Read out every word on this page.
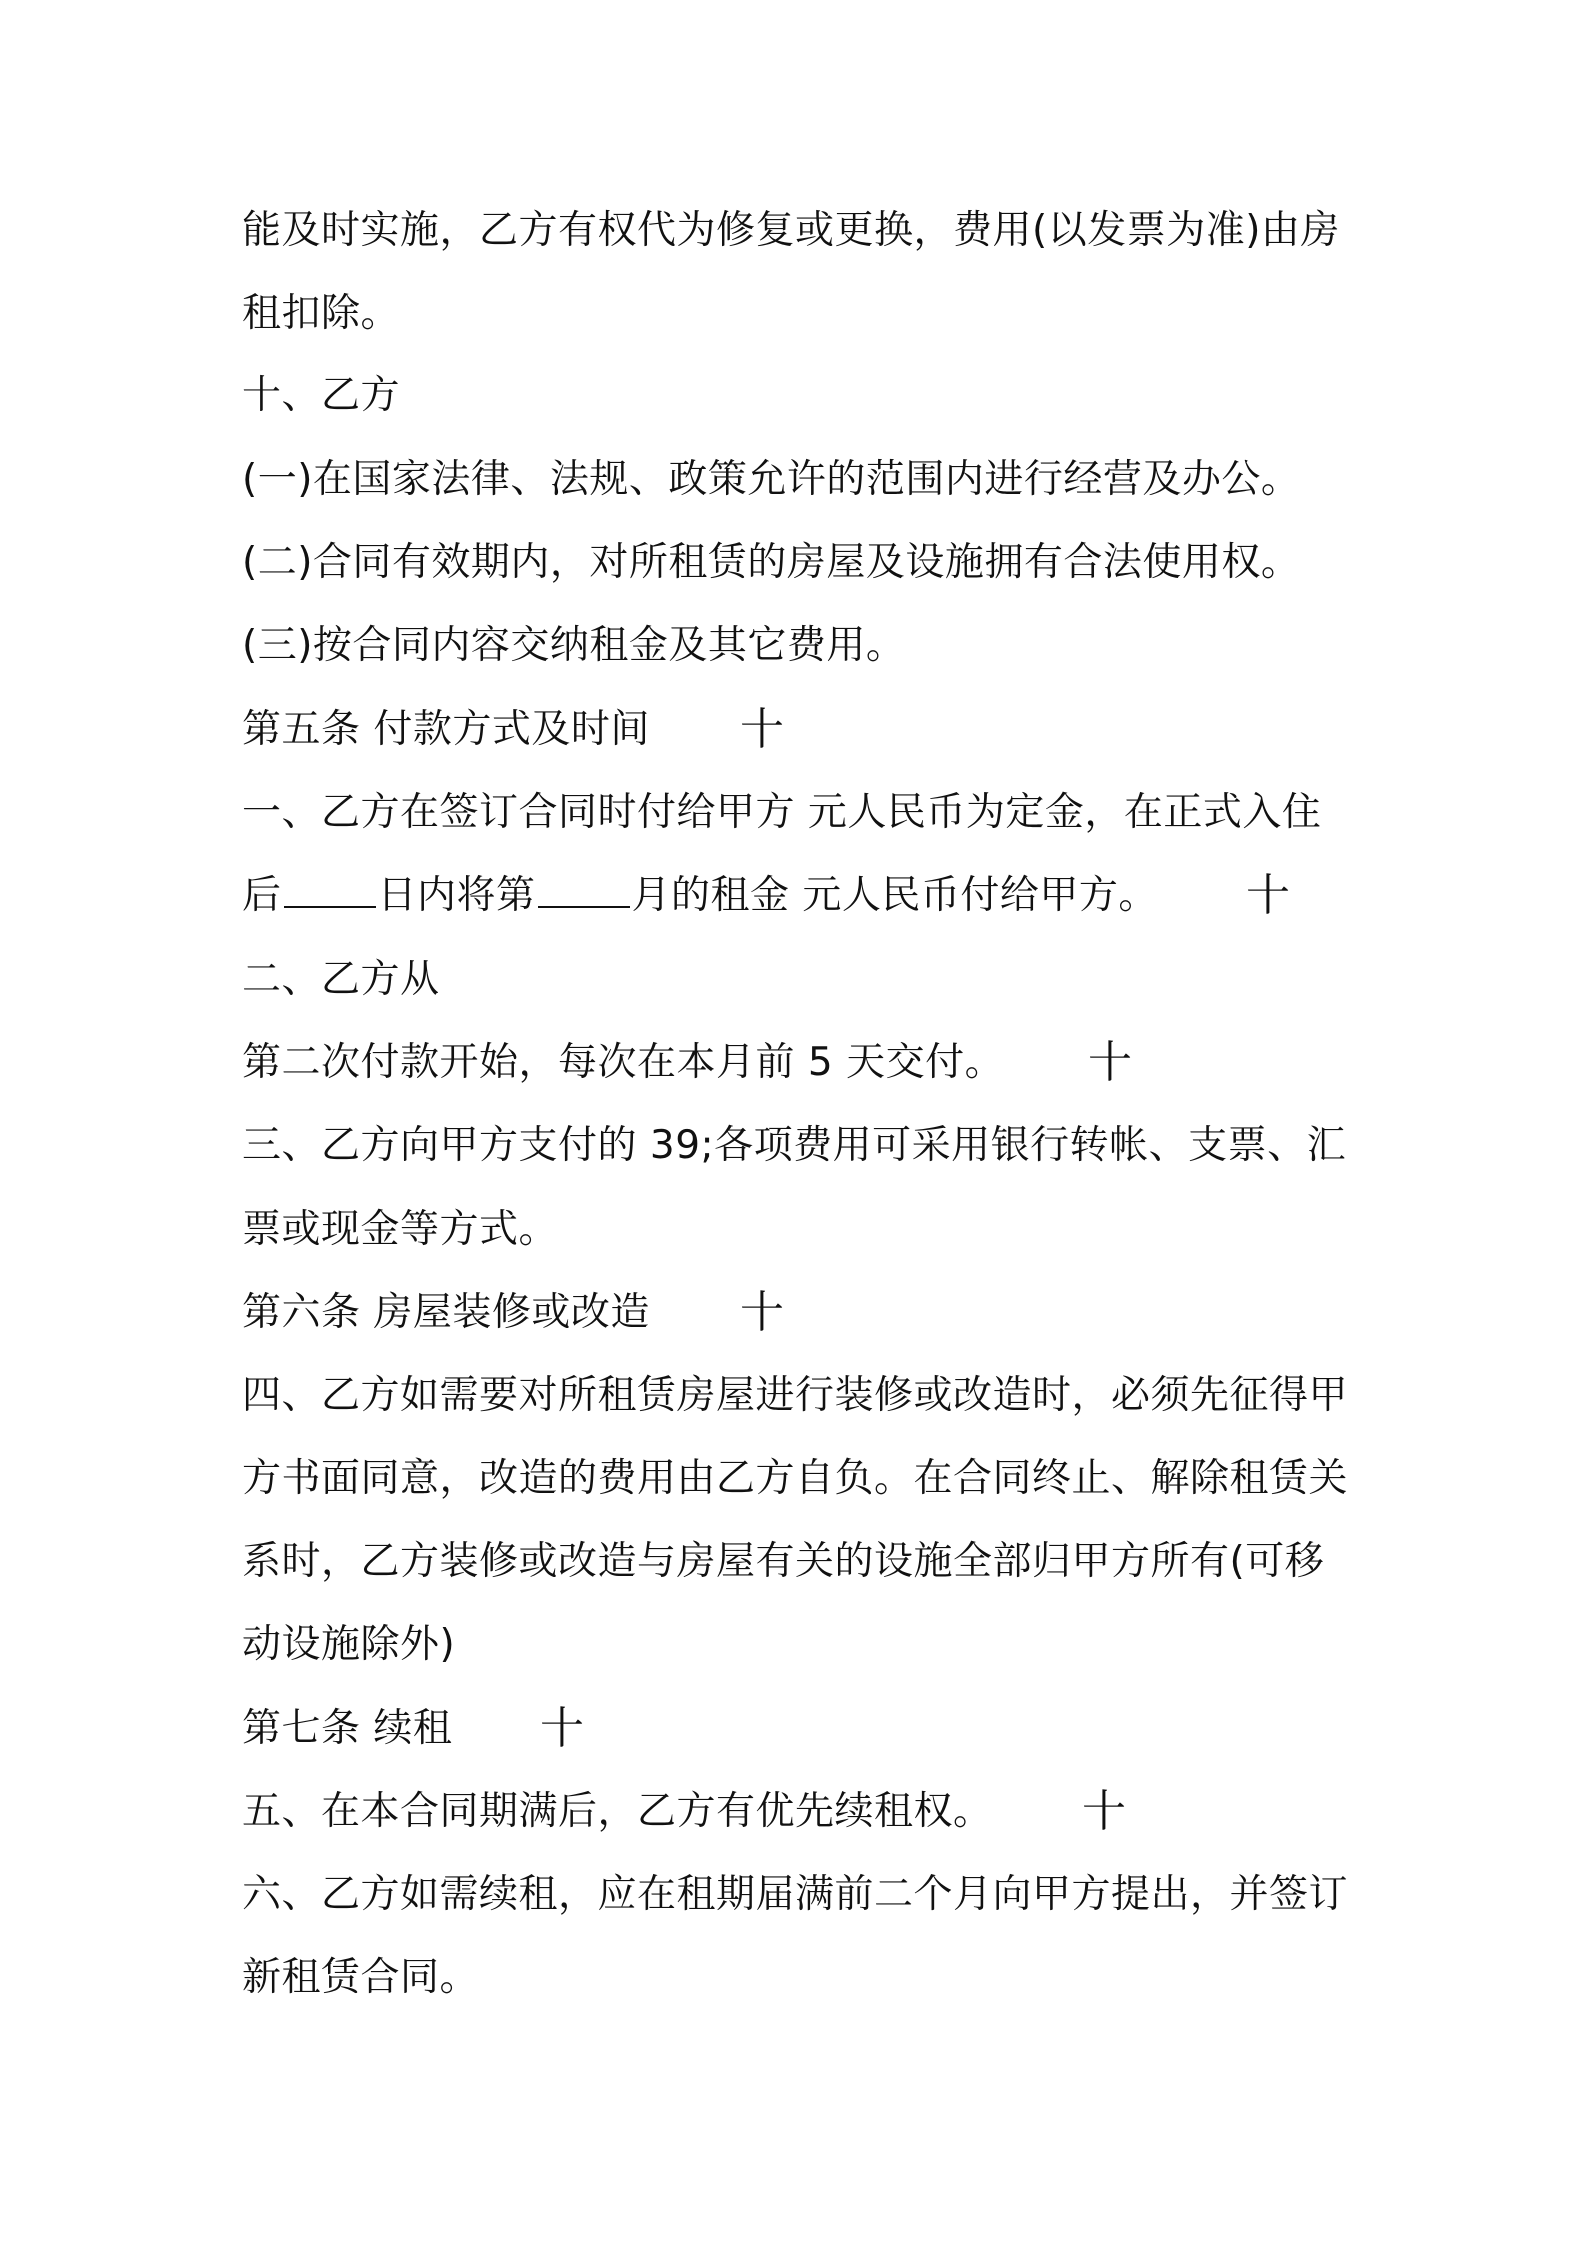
能及时实施，乙方有权代为修复或更换，费用(以发票为准)由房
租扣除。
十、乙方
(一)在国家法律、法规、政策允许的范围内进行经营及办公。
(二)合同有效期内，对所租赁的房屋及设施拥有合法使用权。
(三)按合同内容交纳租金及其它费用。
第五条 付款方式及时间	十
一、乙方在签订合同时付给甲方 元人民币为定金，在正式入住
后 日内将第 月的租金 元人民币付给甲方。	十
二、乙方从
第二次付款开始，每次在本月前 5 天交付。	十
三、乙方向甲方支付的 39;各项费用可采用银行转帐、支票、汇
票或现金等方式。
第六条 房屋装修或改造	十
四、乙方如需要对所租赁房屋进行装修或改造时，必须先征得甲
方书面同意，改造的费用由乙方自负。在合同终止、解除租赁关
系时，乙方装修或改造与房屋有关的设施全部归甲方所有(可移
动设施除外)
第七条 续租	十
五、在本合同期满后，乙方有优先续租权。	十
六、乙方如需续租，应在租期届满前二个月向甲方提出，并签订
新租赁合同。
